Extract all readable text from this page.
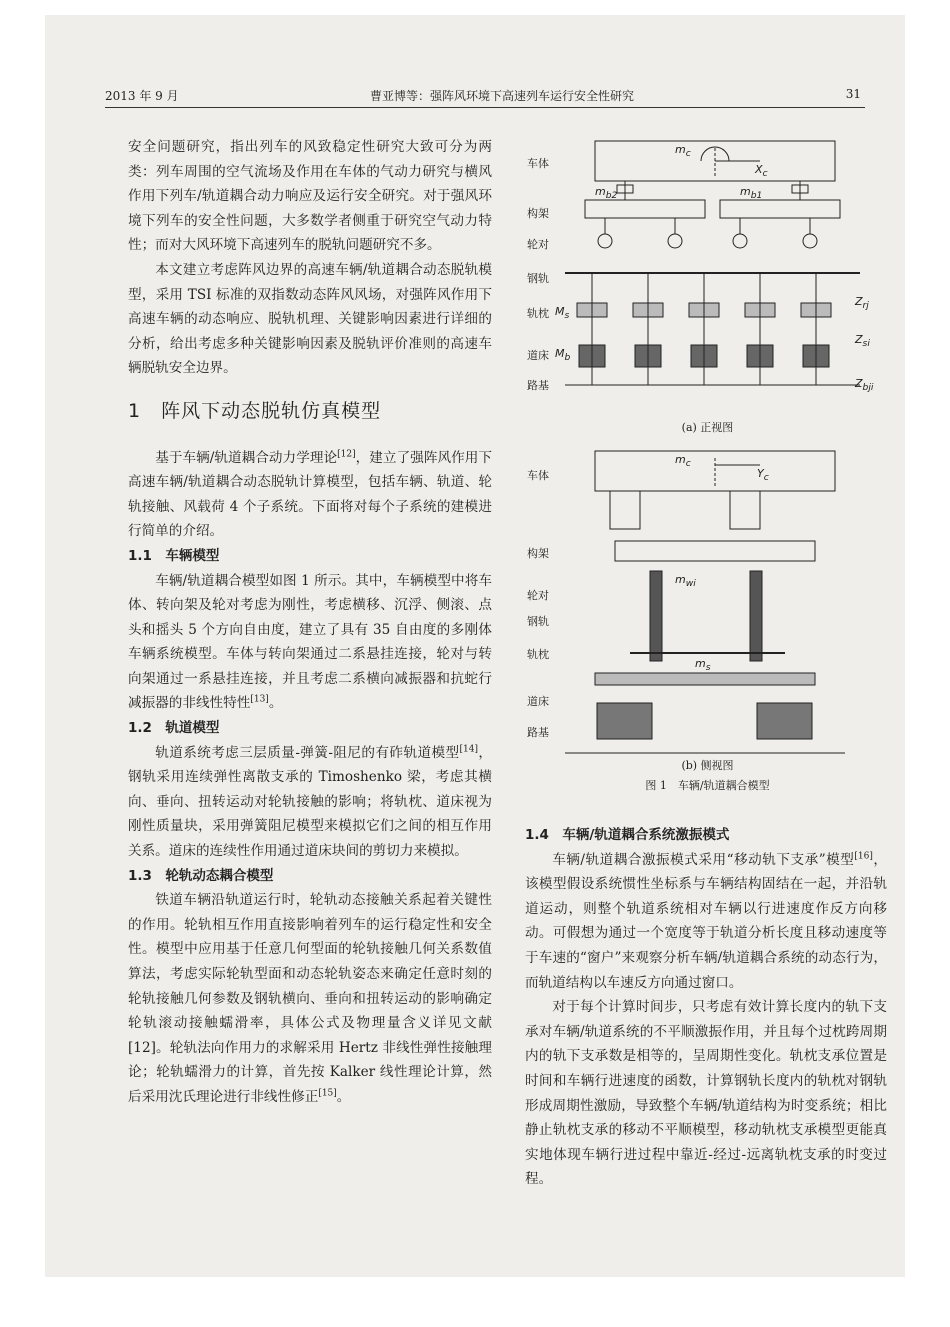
2013 年 9 月	曹亚博等：强阵风环境下高速列车运行安全性研究	31

安全问题研究，指出列车的风致稳定性研究大致可分为两类：列车周围的空气流场及作用在车体的气动力研究与横风作用下列车/轨道耦合动力响应及运行安全研究。对于强风环境下列车的安全性问题，大多数学者侧重于研究空气动力特性；而对大风环境下高速列车的脱轨问题研究不多。

本文建立考虑阵风边界的高速车辆/轨道耦合动态脱轨模型，采用 TSI 标准的双指数动态阵风风场，对强阵风作用下高速车辆的动态响应、脱轨机理、关键影响因素进行详细的分析，给出考虑多种关键影响因素及脱轨评价准则的高速车辆脱轨安全边界。

1　阵风下动态脱轨仿真模型

基于车辆/轨道耦合动力学理论[12]，建立了强阵风作用下高速车辆/轨道耦合动态脱轨计算模型，包括车辆、轨道、轮轨接触、风载荷 4 个子系统。下面将对每个子系统的建模进行简单的介绍。

1.1　车辆模型

车辆/轨道耦合模型如图 1 所示。其中，车辆模型中将车体、转向架及轮对考虑为刚性，考虑横移、沉浮、侧滚、点头和摇头 5 个方向自由度，建立了具有 35 自由度的多刚体车辆系统模型。车体与转向架通过二系悬挂连接，轮对与转向架通过一系悬挂连接，并且考虑二系横向减振器和抗蛇行减振器的非线性特性[13]。

1.2　轨道模型

轨道系统考虑三层质量-弹簧-阻尼的有砟轨道模型[14]，钢轨采用连续弹性离散支承的 Timoshenko 梁，考虑其横向、垂向、扭转运动对轮轨接触的影响；将轨枕、道床视为刚性质量块，采用弹簧阻尼模型来模拟它们之间的相互作用关系。道床的连续性作用通过道床块间的剪切力来模拟。

1.3　轮轨动态耦合模型

铁道车辆沿轨道运行时，轮轨动态接触关系起着关键性的作用。轮轨相互作用直接影响着列车的运行稳定性和安全性。模型中应用基于任意几何型面的轮轨接触几何关系数值算法，考虑实际轮轨型面和动态轮轨姿态来确定任意时刻的轮轨接触几何参数及钢轨横向、垂向和扭转运动的影响确定轮轨滚动接触蠕滑率，具体公式及物理量含义详见文献[12]。轮轨法向作用力的求解采用 Hertz 非线性弹性接触理论；轮轨蠕滑力的计算，首先按 Kalker 线性理论计算，然后采用沈氏理论进行非线性修正[15]。

车体
构架
轮对
钢轨
轨枕
道床
路基
$m_c$
$X_c$
$m_{b2}$	$m_{b1}$
$M_s$
$M_b$
$Z_{rj}$
$Z_{si}$
$Z_{bji}$
(a) 正视图
车体
构架
轮对
钢轨
轨枕
道床
路基
$m_c$
$Y_c$
$m_{wi}$
$m_s$
(b) 侧视图
图 1　车辆/轨道耦合模型

1.4　车辆/轨道耦合系统激振模式

车辆/轨道耦合激振模式采用“移动轨下支承”模型[16]，该模型假设系统惯性坐标系与车辆结构固结在一起，并沿轨道运动，则整个轨道系统相对车辆以行进速度作反方向移动。可假想为通过一个宽度等于轨道分析长度且移动速度等于车速的“窗户”来观察分析车辆/轨道耦合系统的动态行为，而轨道结构以车速反方向通过窗口。

对于每个计算时间步，只考虑有效计算长度内的轨下支承对车辆/轨道系统的不平顺激振作用，并且每个过枕跨周期内的轨下支承数是相等的，呈周期性变化。轨枕支承位置是时间和车辆行进速度的函数，计算钢轨长度内的轨枕对钢轨形成周期性激励，导致整个车辆/轨道结构为时变系统；相比静止轨枕支承的移动不平顺模型，移动轨枕支承模型更能真实地体现车辆行进过程中靠近-经过-远离轨枕支承的时变过程。
